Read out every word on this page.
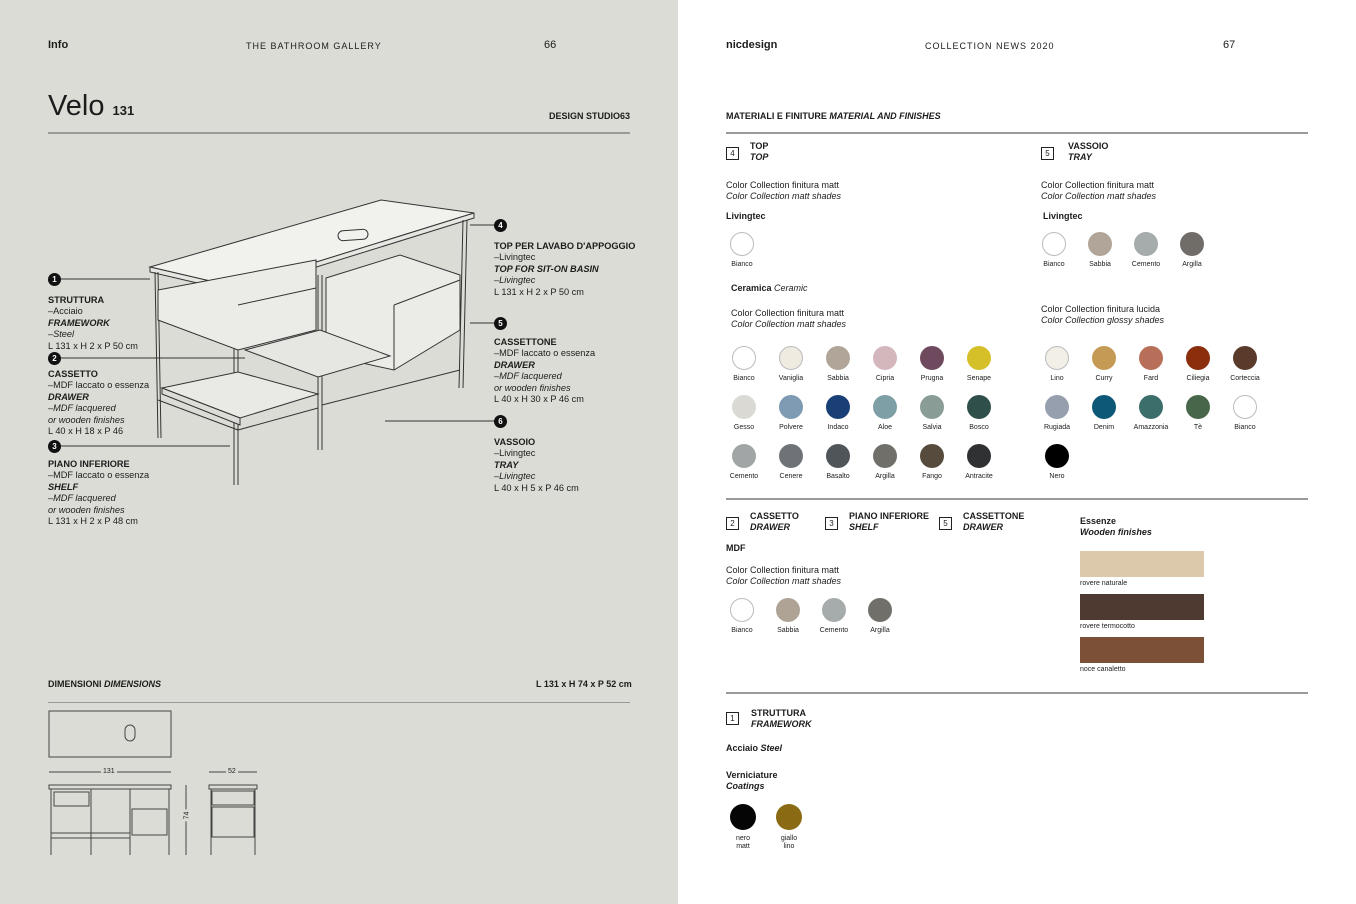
Info	THE BATHROOM GALLERY	66
Velo 131	DESIGN STUDIO63
1
STRUTTURA
–Acciaio
FRAMEWORK
–Steel
L 131 x H 2 x P 50 cm
2
CASSETTO
–MDF laccato o essenza
DRAWER
–MDF lacquered
or wooden finishes
L 40 x H 18 x P 46
3
PIANO INFERIORE
–MDF laccato o essenza
SHELF
–MDF lacquered
or wooden finishes
L 131 x H 2 x P 48 cm
4
TOP PER LAVABO D'APPOGGIO
–Livingtec
TOP FOR SIT-ON BASIN
–Livingtec
L 131 x H 2 x P 50 cm
5
CASSETTONE
–MDF laccato o essenza
DRAWER
–MDF lacquered
or wooden finishes
L 40 x H 30 x P 46 cm
6
VASSOIO
–Livingtec
TRAY
–Livingtec
L 40 x H 5 x P 46 cm
DIMENSIONI DIMENSIONS	L 131 x H 74 x P 52 cm
131	52
74
nicdesign	COLLECTION NEWS 2020	67
MATERIALI E FINITURE MATERIAL AND FINISHES
4
TOP
TOP
Color Collection finitura matt
Color Collection matt shades
Livingtec
Bianco
Ceramica Ceramic
Color Collection finitura matt
Color Collection matt shades
Bianco	Vaniglia	Sabbia	Cipria	Prugna	Senape
Gesso	Polvere	Indaco	Aloe	Salvia	Bosco
Cemento	Cenere	Basalto	Argilla	Fango	Antracite
5
VASSOIO
TRAY
Color Collection finitura matt
Color Collection matt shades
Livingtec
Bianco	Sabbia	Cemento	Argilla
Color Collection finitura lucida
Color Collection glossy shades
Lino	Curry	Fard	Ciliegia	Corteccia
Rugiada	Denim	Amazzonia	Tè	Bianco
Nero
2
CASSETTO
DRAWER	3
PIANO INFERIORE
SHELF	5
CASSETTONE
DRAWER
MDF
Color Collection finitura matt
Color Collection matt shades
Bianco	Sabbia	Cemento	Argilla
Essenze
Wooden finishes
rovere naturale
rovere termocotto
noce canaletto
1
STRUTTURA
FRAMEWORK
Acciaio Steel
Verniciature
Coatings
nero
matt
giallo
lino
